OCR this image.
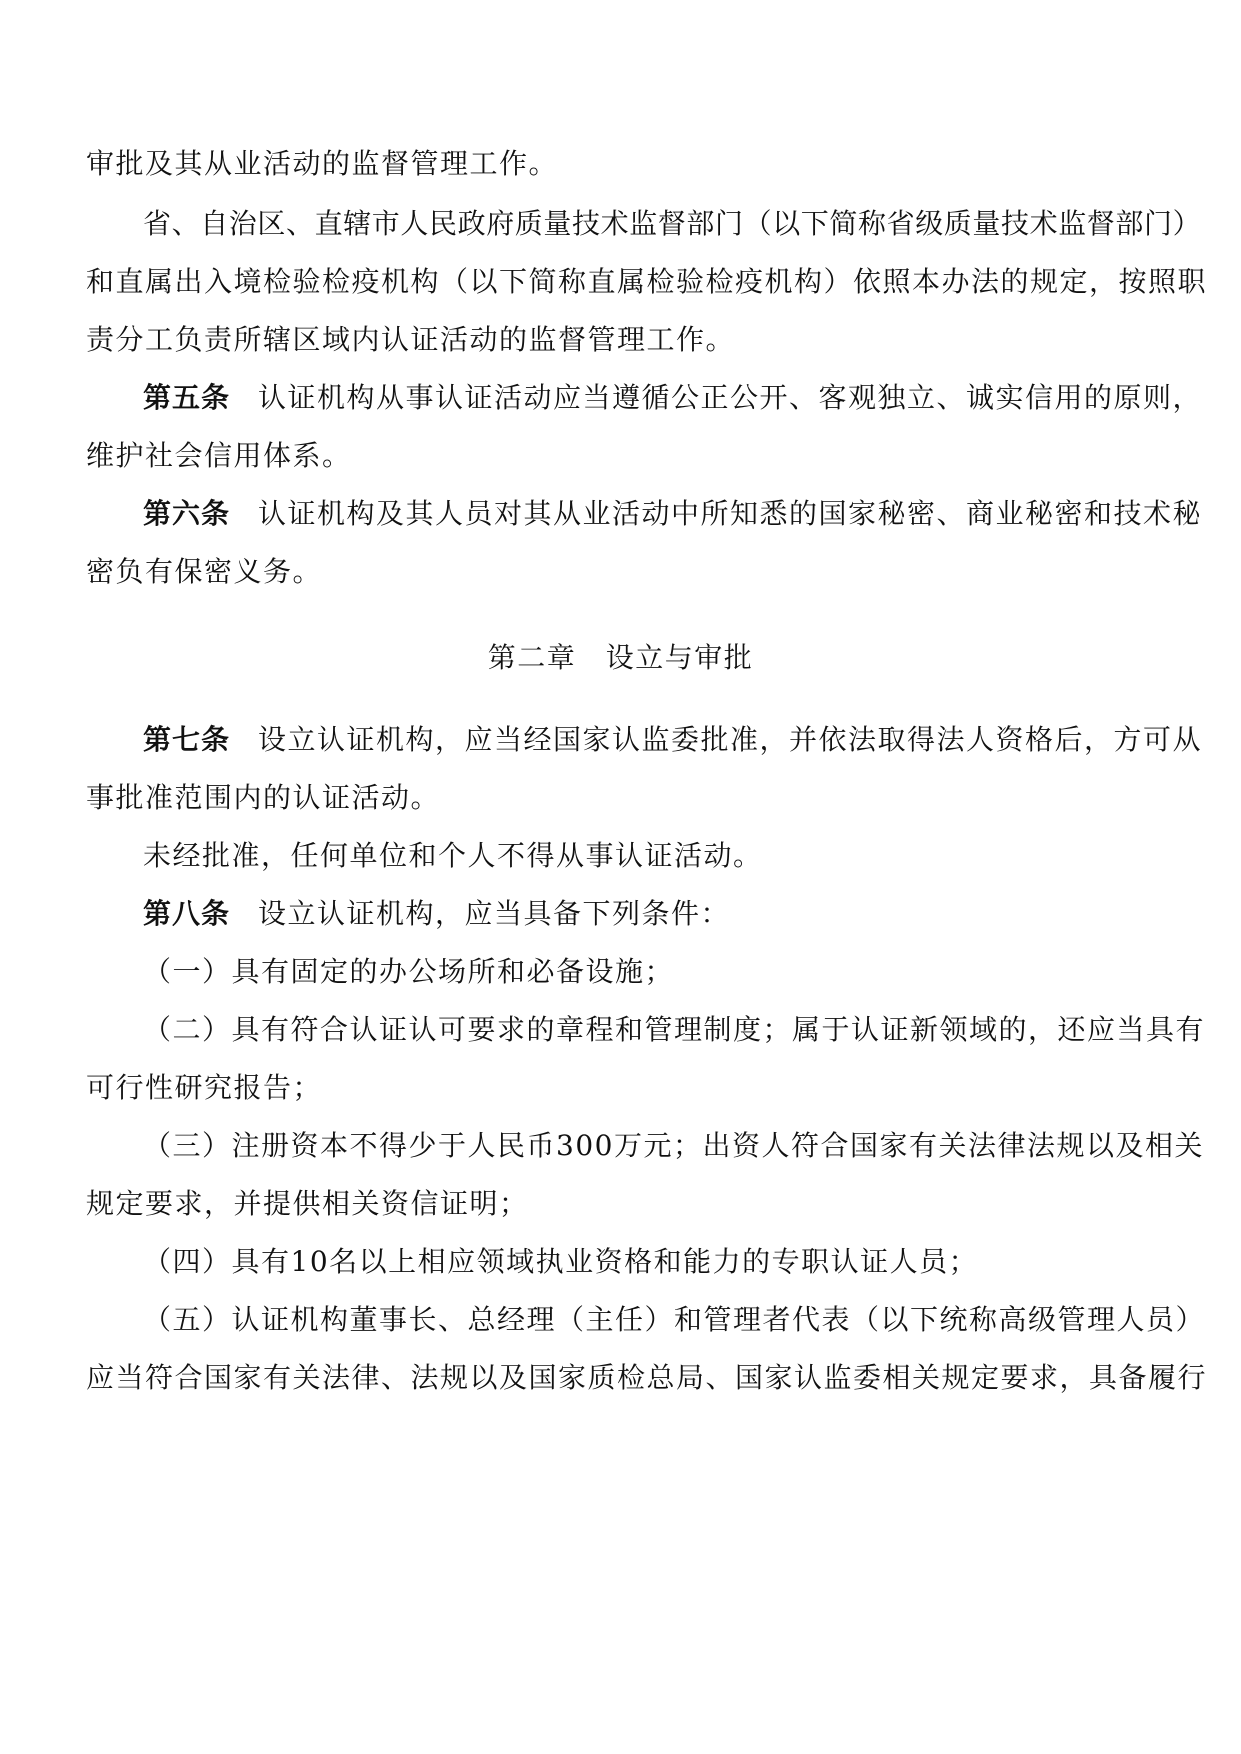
审批及其从业活动的监督管理工作。
省、自治区、直辖市人民政府质量技术监督部门（以下简称省级质量技术监督部门）
和直属出入境检验检疫机构（以下简称直属检验检疫机构）依照本办法的规定，按照职
责分工负责所辖区域内认证活动的监督管理工作。
第五条 认证机构从事认证活动应当遵循公正公开、客观独立、诚实信用的原则，
维护社会信用体系。
第六条 认证机构及其人员对其从业活动中所知悉的国家秘密、商业秘密和技术秘
密负有保密义务。
第二章　设立与审批
第七条 设立认证机构，应当经国家认监委批准，并依法取得法人资格后，方可从
事批准范围内的认证活动。
未经批准，任何单位和个人不得从事认证活动。
第八条 设立认证机构，应当具备下列条件：
（一）具有固定的办公场所和必备设施；
（二）具有符合认证认可要求的章程和管理制度；属于认证新领域的，还应当具有
可行性研究报告；
（三）注册资本不得少于人民币300万元；出资人符合国家有关法律法规以及相关
规定要求，并提供相关资信证明；
（四）具有10名以上相应领域执业资格和能力的专职认证人员；
（五）认证机构董事长、总经理（主任）和管理者代表（以下统称高级管理人员）
应当符合国家有关法律、法规以及国家质检总局、国家认监委相关规定要求，具备履行
